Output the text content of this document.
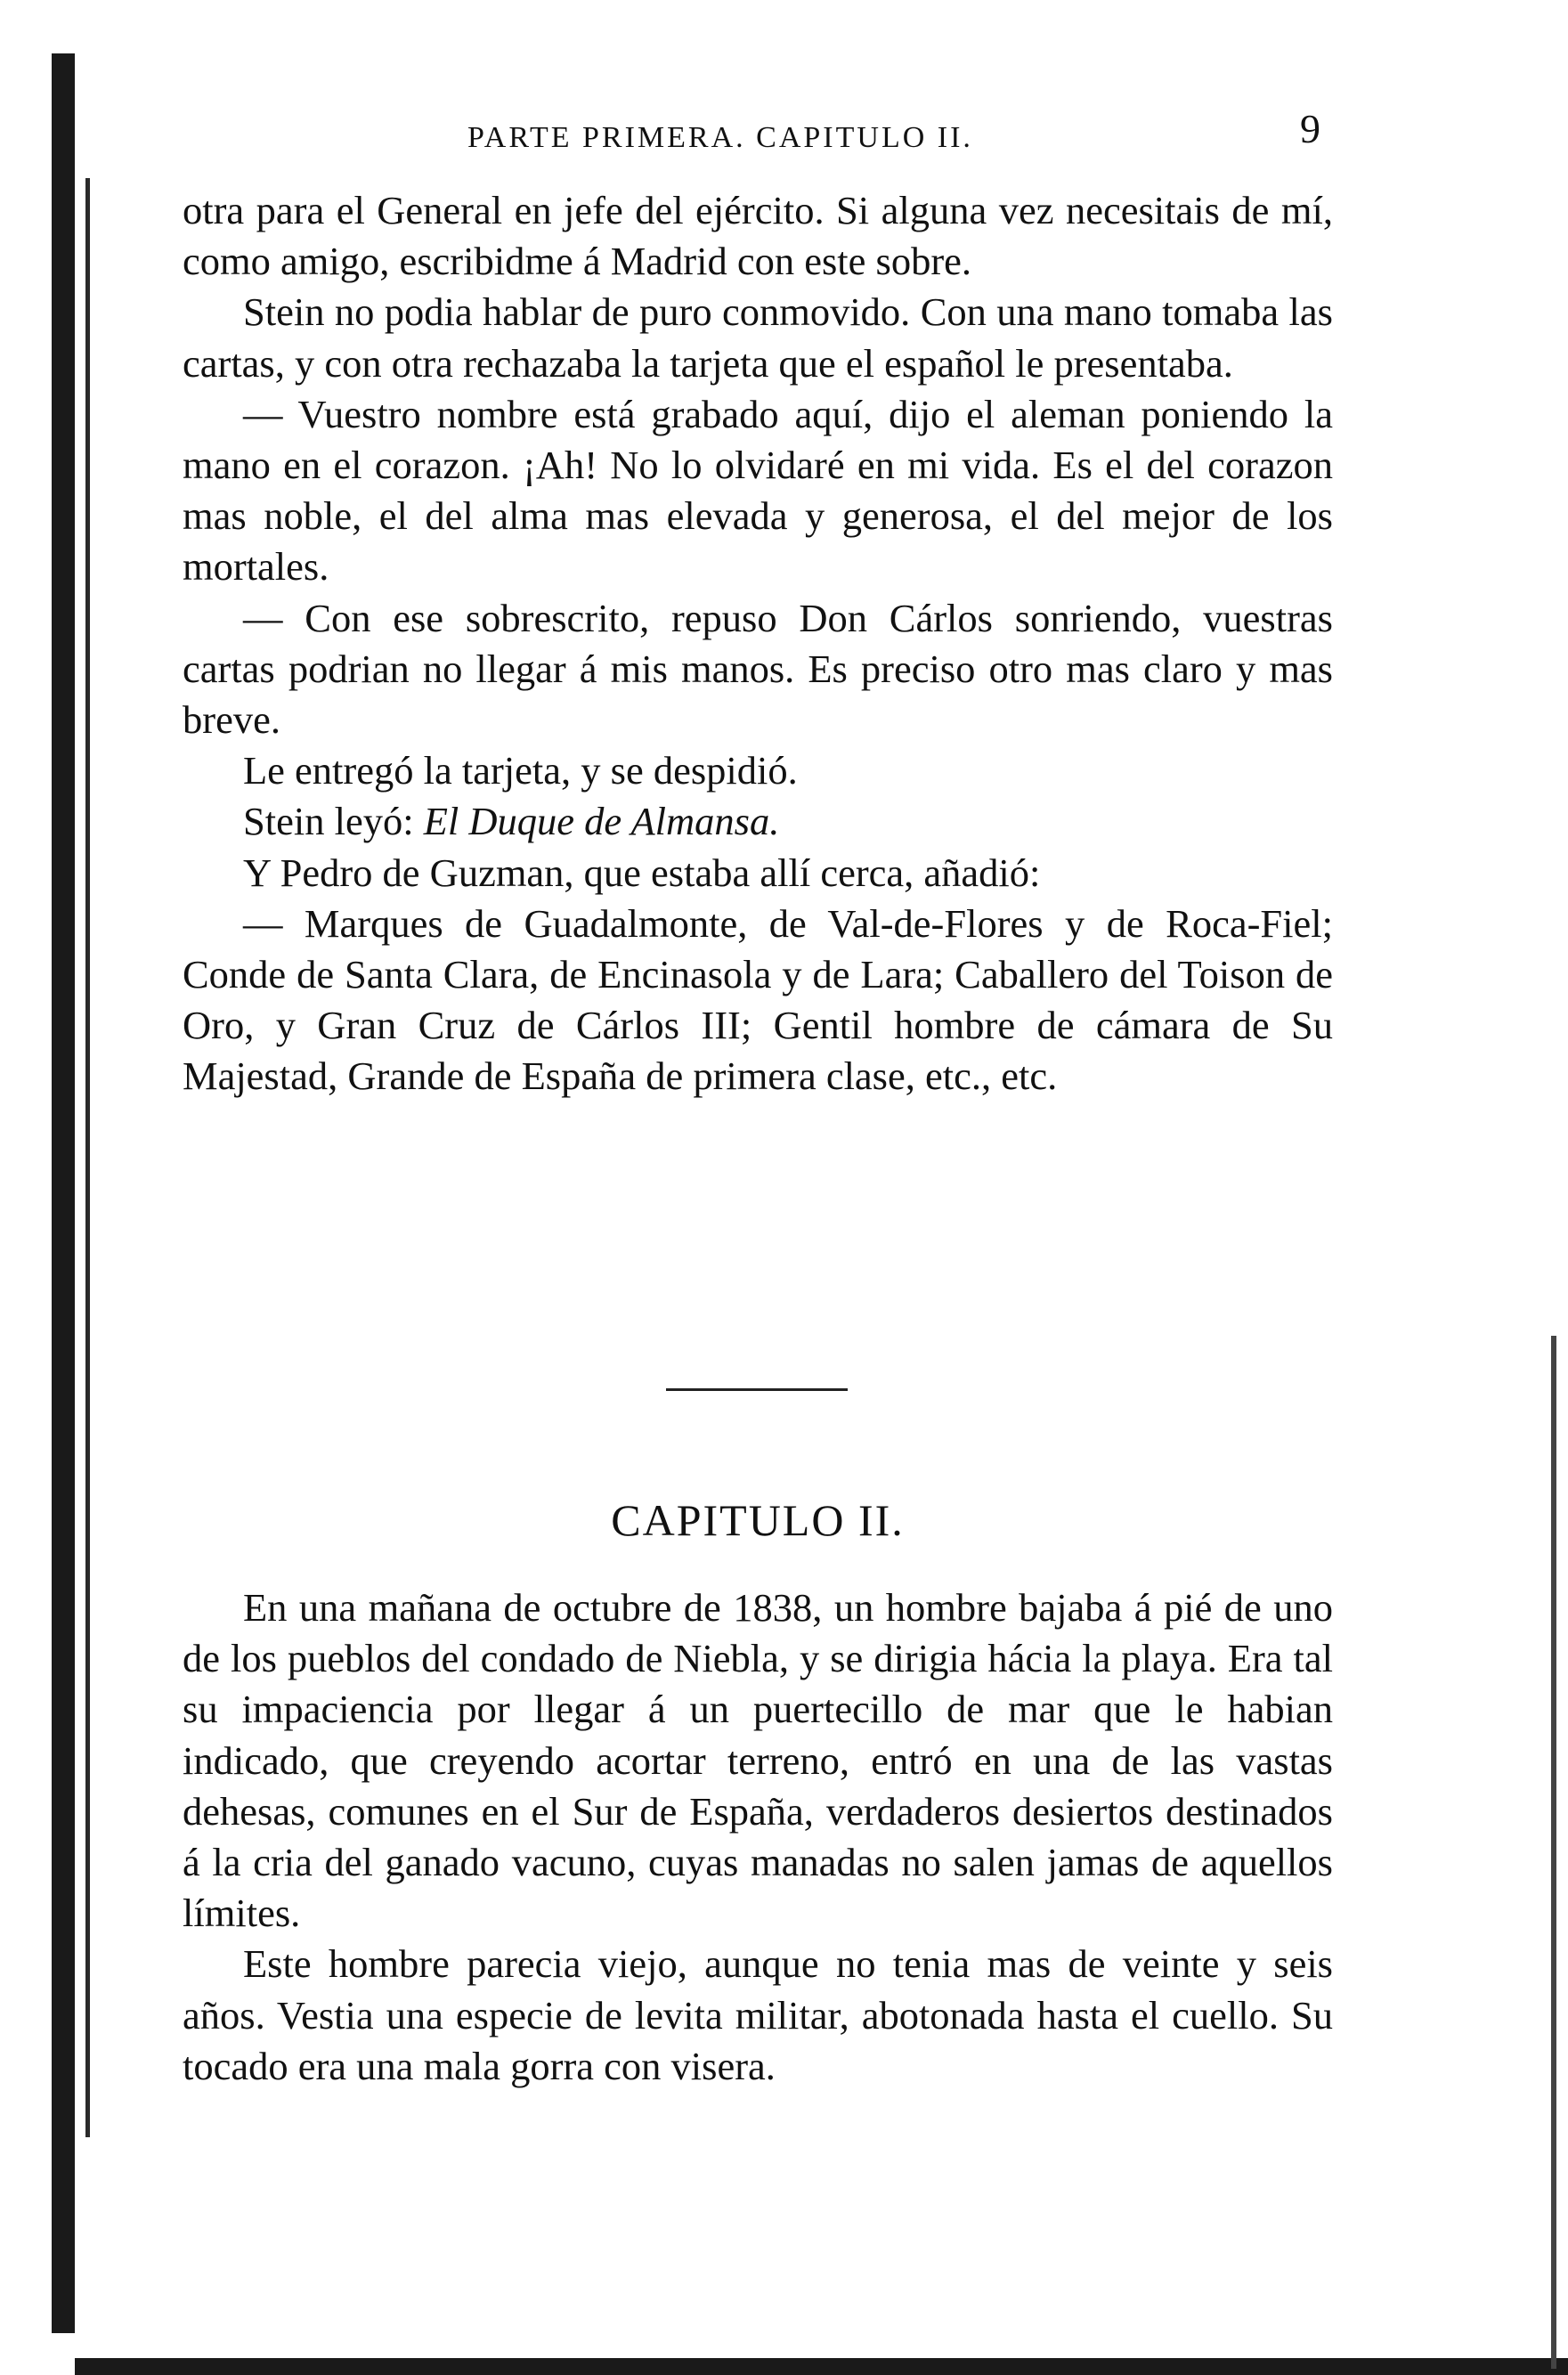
PARTE PRIMERA. CAPITULO II.	9

otra para el General en jefe del ejército. Si alguna vez necesitais de mí, como amigo, escribidme á Madrid con este sobre.

Stein no podia hablar de puro conmovido. Con una mano tomaba las cartas, y con otra rechazaba la tarjeta que el español le presentaba.

— Vuestro nombre está grabado aquí, dijo el aleman poniendo la mano en el corazon. ¡Ah! No lo olvidaré en mi vida. Es el del corazon mas noble, el del alma mas elevada y generosa, el del mejor de los mortales.

— Con ese sobrescrito, repuso Don Cárlos sonriendo, vuestras cartas podrian no llegar á mis manos. Es preciso otro mas claro y mas breve.

Le entregó la tarjeta, y se despidió.

Stein leyó: El Duque de Almansa.

Y Pedro de Guzman, que estaba allí cerca, añadió:

— Marques de Guadalmonte, de Val-de-Flores y de Roca-Fiel; Conde de Santa Clara, de Encinasola y de Lara; Caballero del Toison de Oro, y Gran Cruz de Cárlos III; Gentil hombre de cámara de Su Majestad, Grande de España de primera clase, etc., etc.

CAPITULO II.

En una mañana de octubre de 1838, un hombre bajaba á pié de uno de los pueblos del condado de Niebla, y se dirigia hácia la playa. Era tal su impaciencia por llegar á un puertecillo de mar que le habian indicado, que creyendo acortar terreno, entró en una de las vastas dehesas, comunes en el Sur de España, verdaderos desiertos destinados á la cria del ganado vacuno, cuyas manadas no salen jamas de aquellos límites.

Este hombre parecia viejo, aunque no tenia mas de veinte y seis años. Vestia una especie de levita militar, abotonada hasta el cuello. Su tocado era una mala gorra con visera.
